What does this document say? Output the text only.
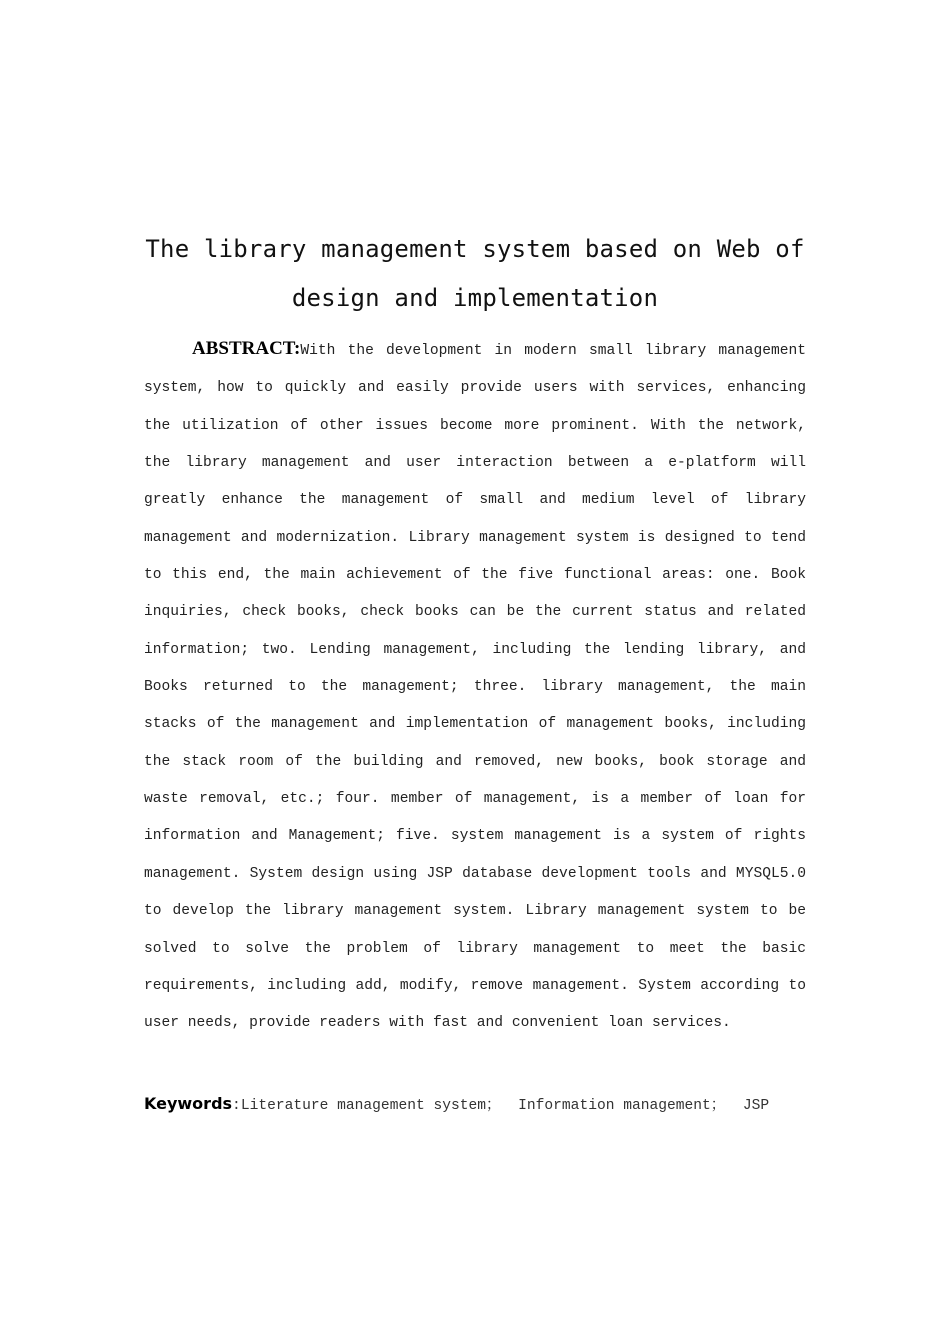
The library management system based on Web of
design and implementation

ABSTRACT:With the development in modern small library management system, how to quickly and easily provide users with services, enhancing the utilization of other issues become more prominent. With the network, the library management and user interaction between a e-platform will greatly enhance the management of small and medium level of library management and modernization. Library management system is designed to tend to this end, the main achievement of the five functional areas: one. Book inquiries, check books, check books can be the current status and related information; two. Lending management, including the lending library, and Books returned to the management; three. library management, the main stacks of the management and implementation of management books, including the stack room of the building and removed, new books, book storage and waste removal, etc.; four. member of management, is a member of loan for information and Management; five. system management is a system of rights management. System design using JSP database development tools and MYSQL5.0 to develop the library management system. Library management system to be solved to solve the problem of library management to meet the basic requirements, including add, modify, remove management. System according to user needs, provide readers with fast and convenient loan services.

Keywords:Literature management system； Information management； JSP
